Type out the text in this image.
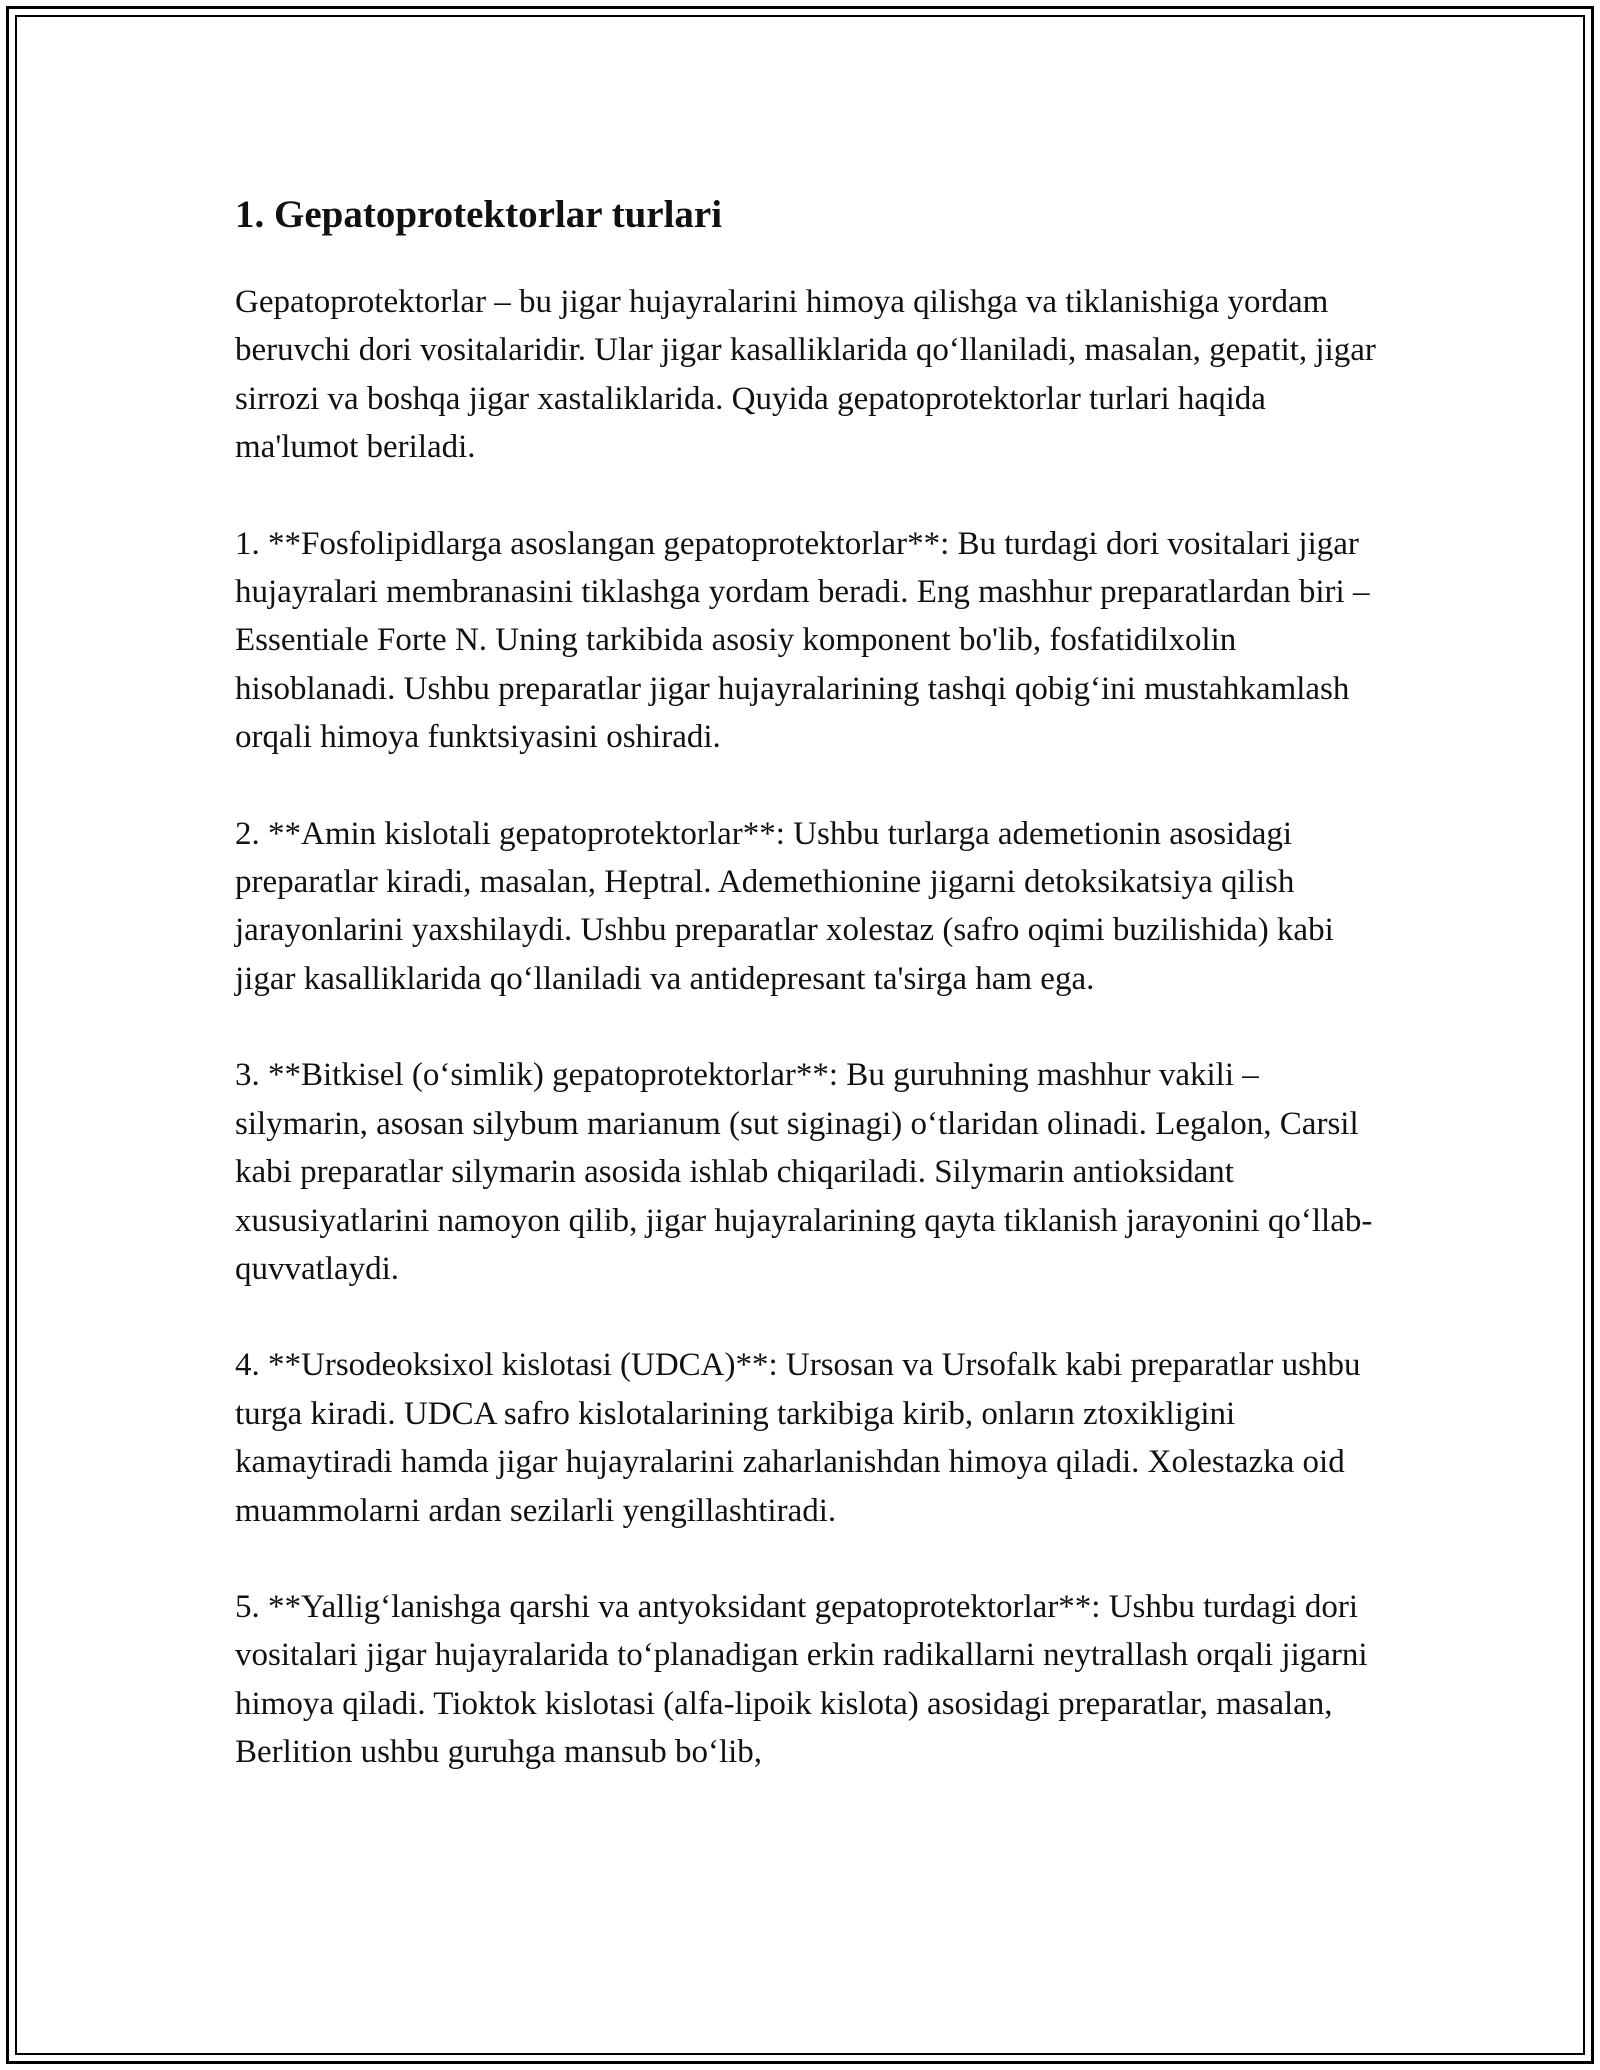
1. Gepatoprotektorlar turlari

Gepatoprotektorlar – bu jigar hujayralarini himoya qilishga va tiklanishiga yordam beruvchi dori vositalaridir. Ular jigar kasalliklarida qo‘llaniladi, masalan, gepatit, jigar sirrozi va boshqa jigar xastaliklarida. Quyida gepatoprotektorlar turlari haqida ma'lumot beriladi.

1. **Fosfolipidlarga asoslangan gepatoprotektorlar**: Bu turdagi dori vositalari jigar hujayralari membranasini tiklashga yordam beradi. Eng mashhur preparatlardan biri – Essentiale Forte N. Uning tarkibida asosiy komponent bo'lib, fosfatidilxolin hisoblanadi. Ushbu preparatlar jigar hujayralarining tashqi qobig‘ini mustahkamlash orqali himoya funktsiyasini oshiradi.

2. **Amin kislotali gepatoprotektorlar**: Ushbu turlarga ademetionin asosidagi preparatlar kiradi, masalan, Heptral. Ademethionine jigarni detoksikatsiya qilish jarayonlarini yaxshilaydi. Ushbu preparatlar xolestaz (safro oqimi buzilishida) kabi jigar kasalliklarida qo‘llaniladi va antidepresant ta'sirga ham ega.

3. **Bitkisel (o‘simlik) gepatoprotektorlar**: Bu guruhning mashhur vakili – silymarin, asosan silybum marianum (sut siginagi) o‘tlaridan olinadi. Legalon, Carsil kabi preparatlar silymarin asosida ishlab chiqariladi. Silymarin antioksidant xususiyatlarini namoyon qilib, jigar hujayralarining qayta tiklanish jarayonini qo‘llab-quvvatlaydi.

4. **Ursodeoksixol kislotasi (UDCA)**: Ursosan va Ursofalk kabi preparatlar ushbu turga kiradi. UDCA safro kislotalarining tarkibiga kirib, onların ztoxikligini kamaytiradi hamda jigar hujayralarini zaharlanishdan himoya qiladi. Xolestazka oid muammolarni ardan sezilarli yengillashtiradi.

5. **Yallig‘lanishga qarshi va antyoksidant gepatoprotektorlar**: Ushbu turdagi dori vositalari jigar hujayralarida to‘planadigan erkin radikallarni neytrallash orqali jigarni himoya qiladi. Tioktok kislotasi (alfa-lipoik kislota) asosidagi preparatlar, masalan, Berlition ushbu guruhga mansub bo‘lib,
